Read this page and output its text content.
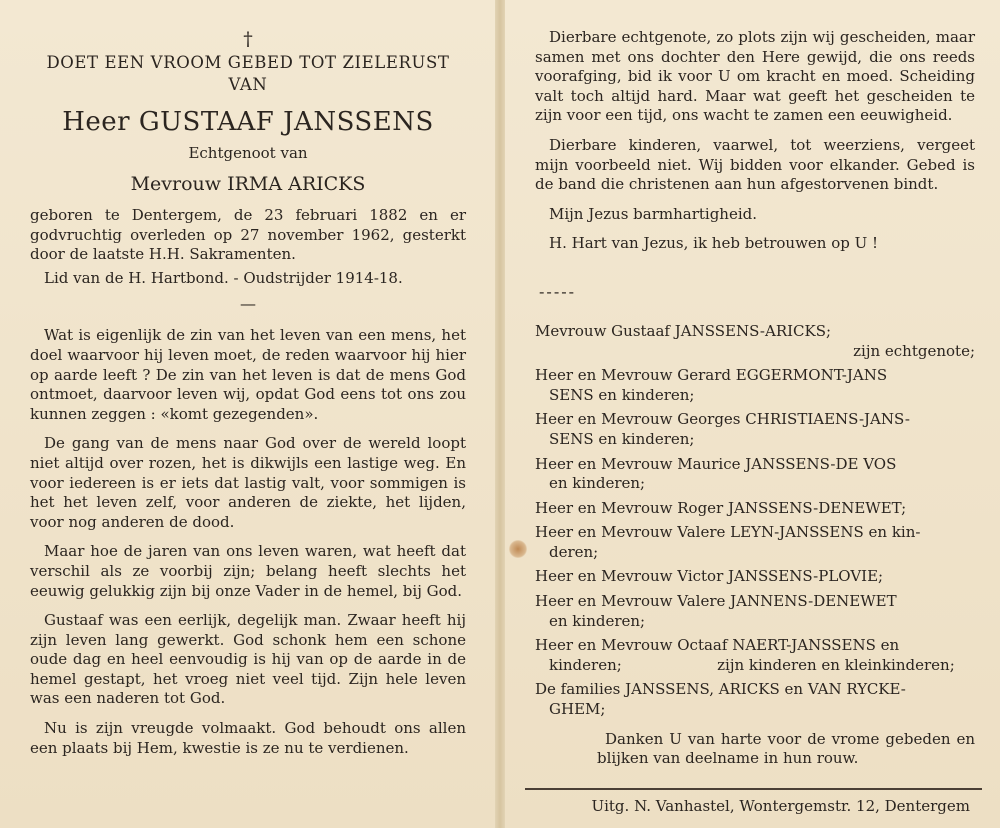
†
DOET EEN VROOM GEBED TOT ZIELERUST
VAN
Heer GUSTAAF JANSSENS
Echtgenoot van
Mevrouw IRMA ARICKS

geboren te Dentergem, de 23 februari 1882 en er godvruchtig overleden op 27 november 1962, gesterkt door de laatste H.H. Sakramenten.

Lid van de H. Hartbond. - Oudstrijder 1914-18.

—

Wat is eigenlijk de zin van het leven van een mens, het doel waarvoor hij leven moet, de reden waarvoor hij hier op aarde leeft ? De zin van het leven is dat de mens God ontmoet, daarvoor leven wij, opdat God eens tot ons zou kunnen zeggen : «komt gezegenden».

De gang van de mens naar God over de wereld loopt niet altijd over rozen, het is dikwijls een lastige weg. En voor iedereen is er iets dat lastig valt, voor sommigen is het het leven zelf, voor anderen de ziekte, het lijden, voor nog anderen de dood.

Maar hoe de jaren van ons leven waren, wat heeft dat verschil als ze voorbij zijn; belang heeft slechts het eeuwig gelukkig zijn bij onze Vader in de hemel, bij God.

Gustaaf was een eerlijk, degelijk man. Zwaar heeft hij zijn leven lang gewerkt. God schonk hem een schone oude dag en heel eenvoudig is hij van op de aarde in de hemel gestapt, het vroeg niet veel tijd. Zijn hele leven was een naderen tot God.

Nu is zijn vreugde volmaakt. God behoudt ons allen een plaats bij Hem, kwestie is ze nu te verdienen.

Dierbare echtgenote, zo plots zijn wij gescheiden, maar samen met ons dochter den Here gewijd, die ons reeds voorafging, bid ik voor U om kracht en moed. Scheiding valt toch altijd hard. Maar wat geeft het gescheiden te zijn voor een tijd, ons wacht te zamen een eeuwigheid.

Dierbare kinderen, vaarwel, tot weerziens, vergeet mijn voorbeeld niet. Wij bidden voor elkander. Gebed is de band die christenen aan hun afgestorvenen bindt.

Mijn Jezus barmhartigheid.

H. Hart van Jezus, ik heb betrouwen op U !

-----
Mevrouw Gustaaf JANSSENS-ARICKS;
zijn echtgenote;
Heer en Mevrouw Gerard EGGERMONT-JANS
SENS en kinderen;
Heer en Mevrouw Georges CHRISTIAENS-JANS-
SENS en kinderen;
Heer en Mevrouw Maurice JANSSENS-DE VOS
en kinderen;
Heer en Mevrouw Roger JANSSENS-DENEWET;
Heer en Mevrouw Valere LEYN-JANSSENS en kin-
deren;
Heer en Mevrouw Victor JANSSENS-PLOVIE;
Heer en Mevrouw Valere JANNENS-DENEWET
en kinderen;
Heer en Mevrouw Octaaf NAERT-JANSSENS en
kinderen;                    zijn kinderen en kleinkinderen;
De families JANSSENS, ARICKS en VAN RYCKE-
GHEM;

Danken U van harte voor de vrome gebeden en blijken van deelname in hun rouw.

Uitg. N. Vanhastel, Wontergemstr. 12, Dentergem
